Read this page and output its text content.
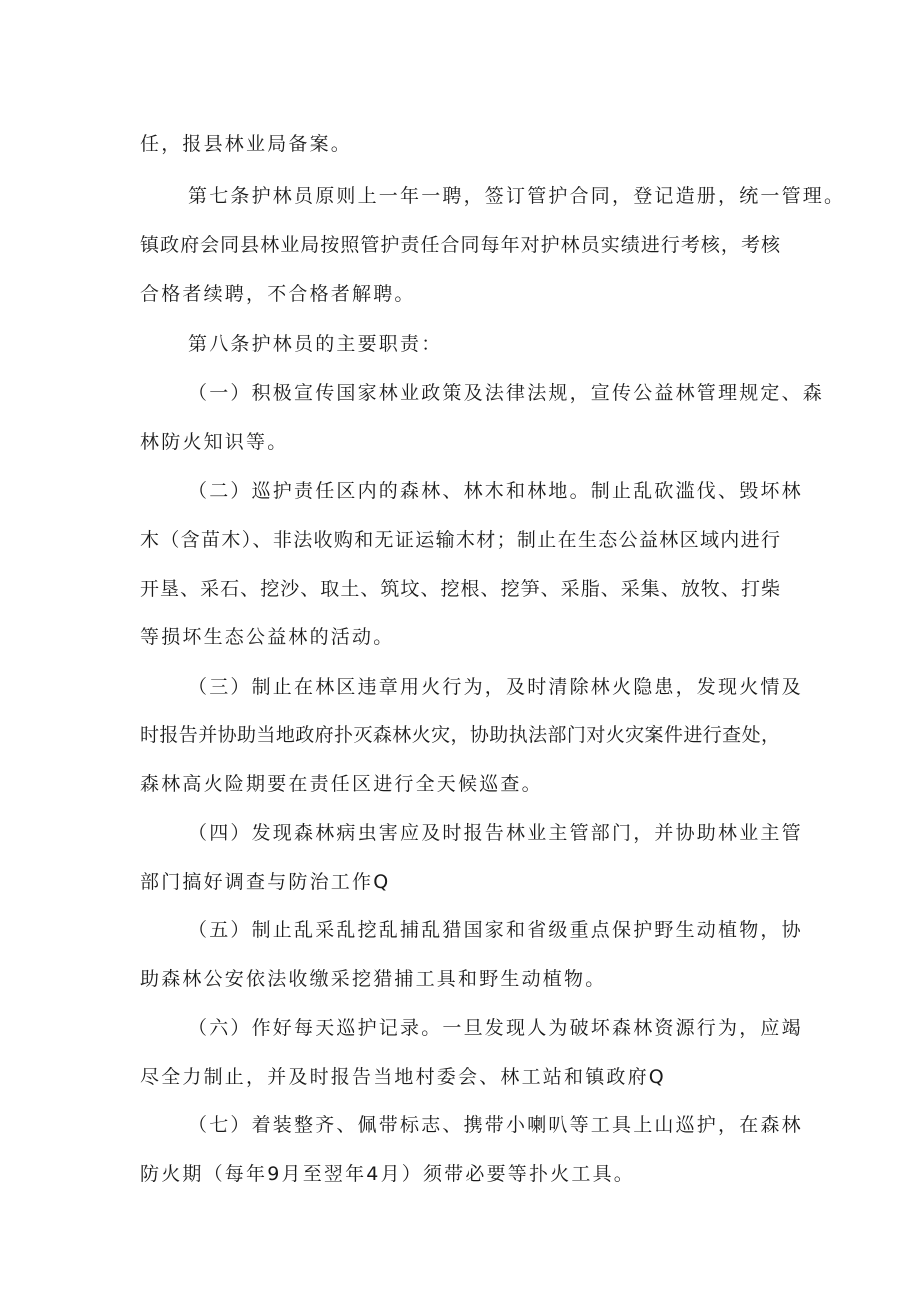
任，报县林业局备案。
第七条护林员原则上一年一聘，签订管护合同，登记造册，统一管理。
镇政府会同县林业局按照管护责任合同每年对护林员实绩进行考核，考核
合格者续聘，不合格者解聘。
第八条护林员的主要职责：
（一）积极宣传国家林业政策及法律法规，宣传公益林管理规定、森
林防火知识等。
（二）巡护责任区内的森林、林木和林地。制止乱砍滥伐、毁坏林
木（含苗木）、非法收购和无证运输木材；制止在生态公益林区域内进行
开垦、采石、挖沙、取土、筑坟、挖根、挖笋、采脂、采集、放牧、打柴
等损坏生态公益林的活动。
（三）制止在林区违章用火行为，及时清除林火隐患，发现火情及
时报告并协助当地政府扑灭森林火灾，协助执法部门对火灾案件进行查处，
森林高火险期要在责任区进行全天候巡查。
（四）发现森林病虫害应及时报告林业主管部门，并协助林业主管
部门搞好调查与防治工作Q
（五）制止乱采乱挖乱捕乱猎国家和省级重点保护野生动植物，协
助森林公安依法收缴采挖猎捕工具和野生动植物。
（六）作好每天巡护记录。一旦发现人为破坏森林资源行为，应竭
尽全力制止，并及时报告当地村委会、林工站和镇政府Q
（七）着装整齐、佩带标志、携带小喇叭等工具上山巡护，在森林
防火期（每年9月至翌年4月）须带必要等扑火工具。
